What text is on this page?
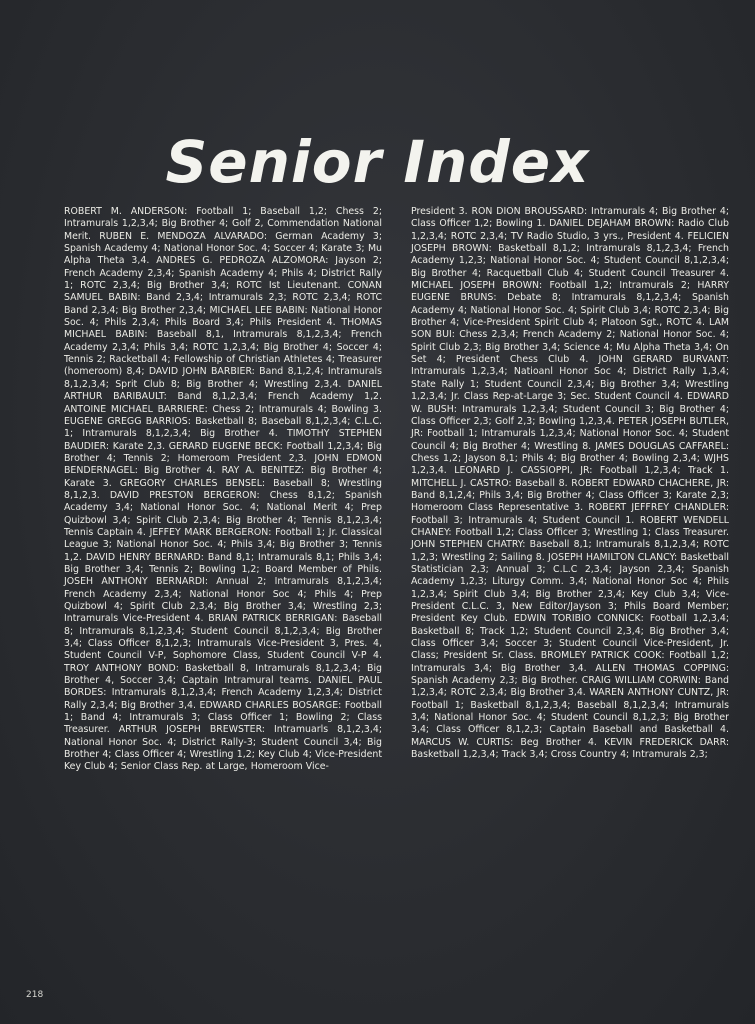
Senior Index
ROBERT M. ANDERSON: Football 1; Baseball 1,2; Chess 2; Intramurals 1,2,3,4; Big Brother 4; Golf 2, Commendation National Merit. RUBEN E. MENDOZA ALVARADO: German Academy 3; Spanish Academy 4; National Honor Soc. 4; Soccer 4; Karate 3; Mu Alpha Theta 3,4. ANDRES G. PEDROZA ALZOMORA: Jayson 2; French Academy 2,3,4; Spanish Academy 4; Phils 4; District Rally 1; ROTC 2,3,4; Big Brother 3,4; ROTC Ist Lieutenant. CONAN SAMUEL BABIN: Band 2,3,4; Intramurals 2,3; ROTC 2,3,4; ROTC Band 2,3,4; Big Brother 2,3,4; MICHAEL LEE BABIN: National Honor Soc. 4; Phils 2,3,4; Phils Board 3,4; Phils President 4. THOMAS MICHAEL BABIN: Baseball 8,1, Intramurals 8,1,2,3,4; French Academy 2,3,4; Phils 3,4; ROTC 1,2,3,4; Big Brother 4; Soccer 4; Tennis 2; Racketball 4; Fellowship of Christian Athletes 4; Treasurer (homeroom) 8,4; DAVID JOHN BARBIER: Band 8,1,2,4; Intramurals 8,1,2,3,4; Sprit Club 8; Big Brother 4; Wrestling 2,3,4. DANIEL ARTHUR BARIBAULT: Band 8,1,2,3,4; French Academy 1,2. ANTOINE MICHAEL BARRIERE: Chess 2; Intramurals 4; Bowling 3. EUGENE GREGG BARRIOS: Basketball 8; Baseball 8,1,2,3,4; C.L.C. 1; Intramurals 8,1,2,3,4; Big Brother 4. TIMOTHY STEPHEN BAUDIER: Karate 2,3. GERARD EUGENE BECK: Football 1,2,3,4; Big Brother 4; Tennis 2; Homeroom President 2,3. JOHN EDMON BENDERNAGEL: Big Brother 4. RAY A. BENITEZ: Big Brother 4; Karate 3. GREGORY CHARLES BENSEL: Baseball 8; Wrestling 8,1,2,3. DAVID PRESTON BERGERON: Chess 8,1,2; Spanish Academy 3,4; National Honor Soc. 4; National Merit 4; Prep Quizbowl 3,4; Spirit Club 2,3,4; Big Brother 4; Tennis 8,1,2,3,4; Tennis Captain 4. JEFFEY MARK BERGERON: Football 1; Jr. Classical League 3; National Honor Soc. 4; Phils 3,4; Big Brother 3; Tennis 1,2. DAVID HENRY BERNARD: Band 8,1; Intramurals 8,1; Phils 3,4; Big Brother 3,4; Tennis 2; Bowling 1,2; Board Member of Phils. JOSEH ANTHONY BERNARDI: Annual 2; Intramurals 8,1,2,3,4; French Academy 2,3,4; National Honor Soc 4; Phils 4; Prep Quizbowl 4; Spirit Club 2,3,4; Big Brother 3,4; Wrestling 2,3; Intramurals Vice-President 4. BRIAN PATRICK BERRIGAN: Baseball 8; Intramurals 8,1,2,3,4; Student Council 8,1,2,3,4; Big Brother 3,4; Class Officer 8,1,2,3; Intramurals Vice-President 3, Pres. 4, Student Council V-P, Sophomore Class, Student Council V-P 4. TROY ANTHONY BOND: Basketball 8, Intramurals 8,1,2,3,4; Big Brother 4, Soccer 3,4; Captain Intramural teams. DANIEL PAUL BORDES: Intramurals 8,1,2,3,4; French Academy 1,2,3,4; District Rally 2,3,4; Big Brother 3,4. EDWARD CHARLES BOSARGE: Football 1; Band 4; Intramurals 3; Class Officer 1; Bowling 2; Class Treasurer. ARTHUR JOSEPH BREWSTER: Intramuarls 8,1,2,3,4; National Honor Soc. 4; District Rally-3; Student Council 3,4; Big Brother 4; Class Officer 4; Wrestling 1,2; Key Club 4; Vice-President Key Club 4; Senior Class Rep. at Large, Homeroom Vice-
President 3. RON DION BROUSSARD: Intramurals 4; Big Brother 4; Class Officer 1,2; Bowling 1. DANIEL DEJAHAM BROWN: Radio Club 1,2,3,4; ROTC 2,3,4; TV Radio Studio, 3 yrs., President 4. FELICIEN JOSEPH BROWN: Basketball 8,1,2; Intramurals 8,1,2,3,4; French Academy 1,2,3; National Honor Soc. 4; Student Council 8,1,2,3,4; Big Brother 4; Racquetball Club 4; Student Council Treasurer 4. MICHAEL JOSEPH BROWN: Football 1,2; Intramurals 2; HARRY EUGENE BRUNS: Debate 8; Intramurals 8,1,2,3,4; Spanish Academy 4; National Honor Soc. 4; Spirit Club 3,4; ROTC 2,3,4; Big Brother 4; Vice-President Spirit Club 4; Platoon Sgt., ROTC 4. LAM SON BUI: Chess 2,3,4; French Academy 2; National Honor Soc. 4; Spirit Club 2,3; Big Brother 3,4; Science 4; Mu Alpha Theta 3,4; On Set 4; President Chess Club 4. JOHN GERARD BURVANT: Intramurals 1,2,3,4; Natioanl Honor Soc 4; District Rally 1,3,4; State Rally 1; Student Council 2,3,4; Big Brother 3,4; Wrestling 1,2,3,4; Jr. Class Rep-at-Large 3; Sec. Student Council 4. EDWARD W. BUSH: Intramurals 1,2,3,4; Student Council 3; Big Brother 4; Class Officer 2,3; Golf 2,3; Bowling 1,2,3,4. PETER JOSEPH BUTLER, JR: Football 1; Intramurals 1,2,3,4; National Honor Soc. 4; Student Council 4; Big Brother 4; Wrestling 8. JAMES DOUGLAS CAFFAREL: Chess 1,2; Jayson 8,1; Phils 4; Big Brother 4; Bowling 2,3,4; WJHS 1,2,3,4. LEONARD J. CASSIOPPI, JR: Football 1,2,3,4; Track 1. MITCHELL J. CASTRO: Baseball 8. ROBERT EDWARD CHACHERE, JR: Band 8,1,2,4; Phils 3,4; Big Brother 4; Class Officer 3; Karate 2,3; Homeroom Class Representative 3. ROBERT JEFFREY CHANDLER: Football 3; Intramurals 4; Student Council 1. ROBERT WENDELL CHANEY: Football 1,2; Class Officer 3; Wrestling 1; Class Treasurer. JOHN STEPHEN CHATRY: Baseball 8,1; Intramurals 8,1,2,3,4; ROTC 1,2,3; Wrestling 2; Sailing 8. JOSEPH HAMILTON CLANCY: Basketball Statistician 2,3; Annual 3; C.L.C 2,3,4; Jayson 2,3,4; Spanish Academy 1,2,3; Liturgy Comm. 3,4; National Honor Soc 4; Phils 1,2,3,4; Spirit Club 3,4; Big Brother 2,3,4; Key Club 3,4; Vice-President C.L.C. 3, New Editor/Jayson 3; Phils Board Member; President Key Club. EDWIN TORIBIO CONNICK: Football 1,2,3,4; Basketball 8; Track 1,2; Student Council 2,3,4; Big Brother 3,4; Class Officer 3,4; Soccer 3; Student Council Vice-President, Jr. Class; President Sr. Class. BROMLEY PATRICK COOK: Football 1,2; Intramurals 3,4; Big Brother 3,4. ALLEN THOMAS COPPING: Spanish Academy 2,3; Big Brother. CRAIG WILLIAM CORWIN: Band 1,2,3,4; ROTC 2,3,4; Big Brother 3,4. WAREN ANTHONY CUNTZ, JR: Football 1; Basketball 8,1,2,3,4; Baseball 8,1,2,3,4; Intramurals 3,4; National Honor Soc. 4; Student Council 8,1,2,3; Big Brother 3,4; Class Officer 8,1,2,3; Captain Baseball and Basketball 4. MARCUS W. CURTIS: Beg Brother 4. KEVIN FREDERICK DARR: Basketball 1,2,3,4; Track 3,4; Cross Country 4; Intramurals 2,3;
218
